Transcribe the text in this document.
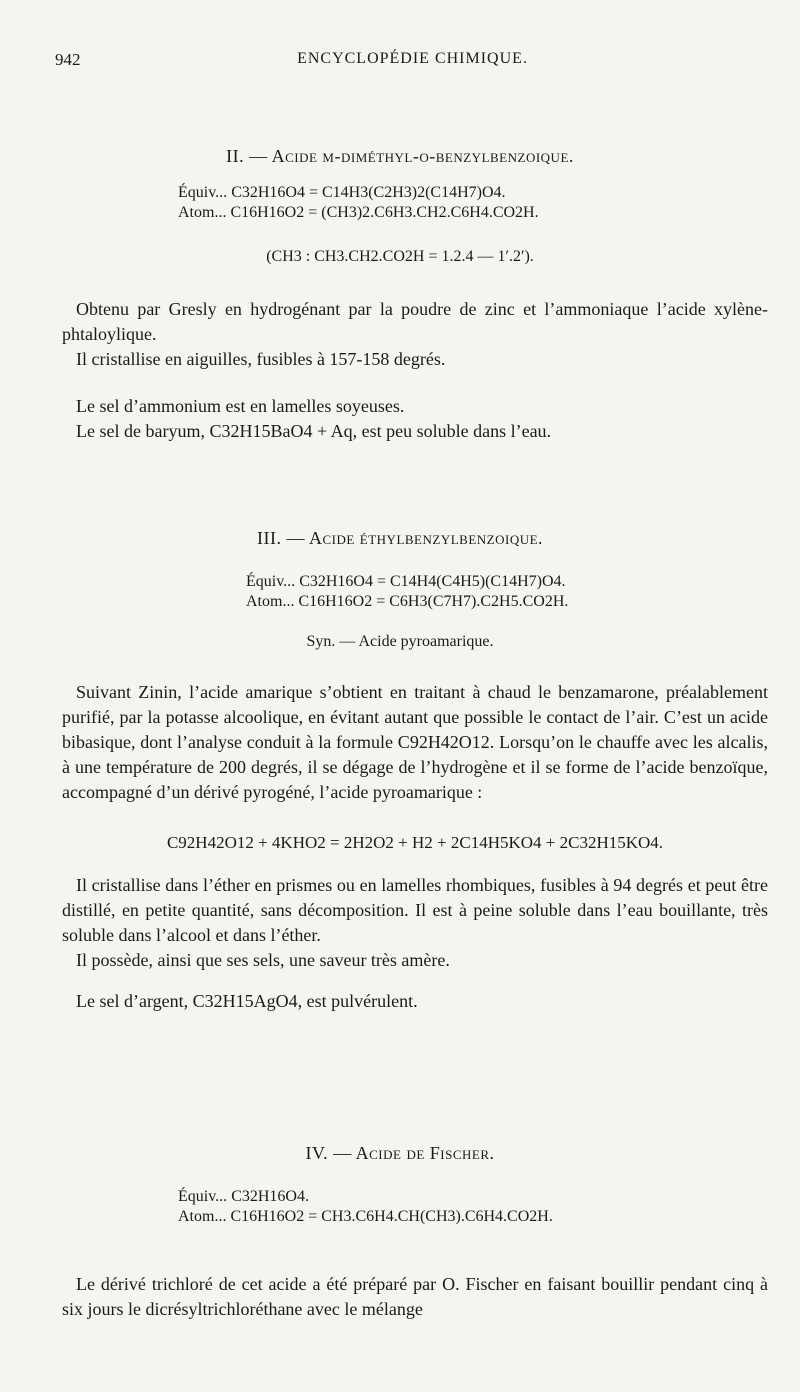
942	ENCYCLOPÉDIE CHIMIQUE.
II. — Acide m-diméthyl-o-benzylbenzoique.
Équiv... C32H16O4 = C14H3(C2H3)2(C14H7)O4.
Atom... C16H16O2 = (CH3)2.C6H3.CH2.C6H4.CO2H.
(CH3 : CH3.CH2.CO2H = 1.2.4 — 1′.2′).

Obtenu par Gresly en hydrogénant par la poudre de zinc et l’ammoniaque l’acide xylène-phtaloylique.

Il cristallise en aiguilles, fusibles à 157-158 degrés.

Le sel d’ammonium est en lamelles soyeuses.

Le sel de baryum, C32H15BaO4 + Aq, est peu soluble dans l’eau.

III. — Acide éthylbenzylbenzoique.
Équiv... C32H16O4 = C14H4(C4H5)(C14H7)O4.
Atom... C16H16O2 = C6H3(C7H7).C2H5.CO2H.
Syn. — Acide pyroamarique.

Suivant Zinin, l’acide amarique s’obtient en traitant à chaud le benzamarone, préalablement purifié, par la potasse alcoolique, en évitant autant que possible le contact de l’air. C’est un acide bibasique, dont l’analyse conduit à la formule C92H42O12. Lorsqu’on le chauffe avec les alcalis, à une température de 200 degrés, il se dégage de l’hydrogène et il se forme de l’acide benzoïque, accompagné d’un dérivé pyrogéné, l’acide pyroamarique :

C92H42O12 + 4KHO2 = 2H2O2 + H2 + 2C14H5KO4 + 2C32H15KO4.

Il cristallise dans l’éther en prismes ou en lamelles rhombiques, fusibles à 94 degrés et peut être distillé, en petite quantité, sans décomposition. Il est à peine soluble dans l’eau bouillante, très soluble dans l’alcool et dans l’éther.

Il possède, ainsi que ses sels, une saveur très amère.

Le sel d’argent, C32H15AgO4, est pulvérulent.

IV. — Acide de Fischer.
Équiv... C32H16O4.
Atom... C16H16O2 = CH3.C6H4.CH(CH3).C6H4.CO2H.

Le dérivé trichloré de cet acide a été préparé par O. Fischer en faisant bouillir pendant cinq à six jours le dicrésyltrichloréthane avec le mélange
